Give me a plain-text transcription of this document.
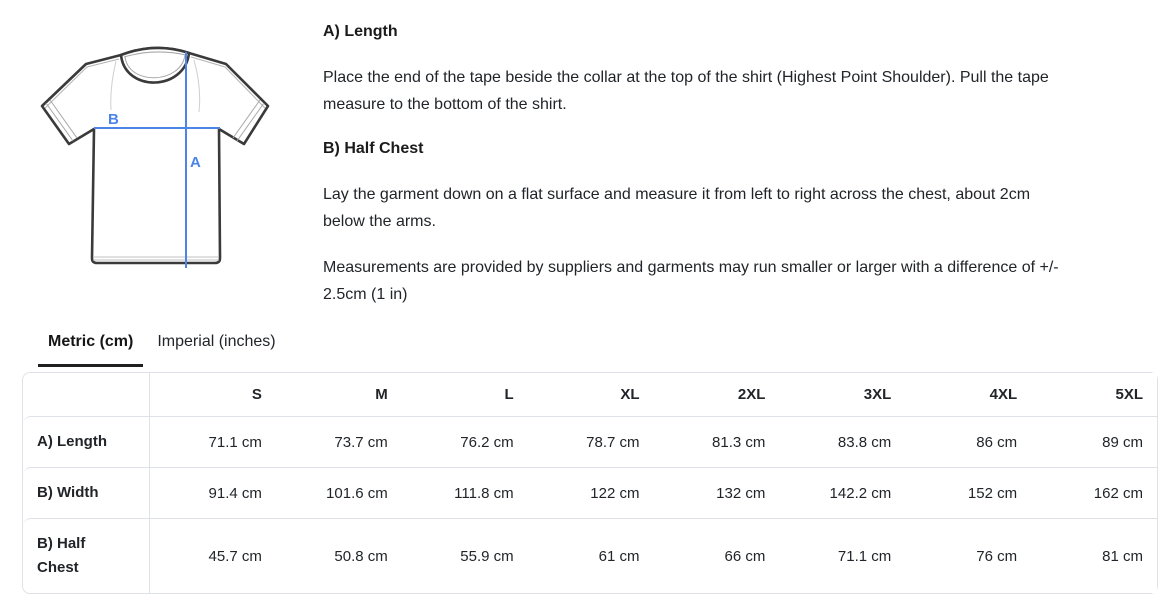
B
A
A) Length
Place the end of the tape beside the collar at the top of the shirt (Highest Point Shoulder). Pull the tape
measure to the bottom of the shirt.
B) Half Chest
Lay the garment down on a flat surface and measure it from left to right across the chest, about 2cm
below the arms.
Measurements are provided by suppliers and garments may run smaller or larger with a difference of +/-
2.5cm (1 in)
Metric (cm)	Imperial (inches)
	S	M	L	XL	2XL	3XL	4XL	5XL
A) Length	71.1 cm	73.7 cm	76.2 cm	78.7 cm	81.3 cm	83.8 cm	86 cm	89 cm
B) Width	91.4 cm	101.6 cm	111.8 cm	122 cm	132 cm	142.2 cm	152 cm	162 cm
B) Half Chest	45.7 cm	50.8 cm	55.9 cm	61 cm	66 cm	71.1 cm	76 cm	81 cm
